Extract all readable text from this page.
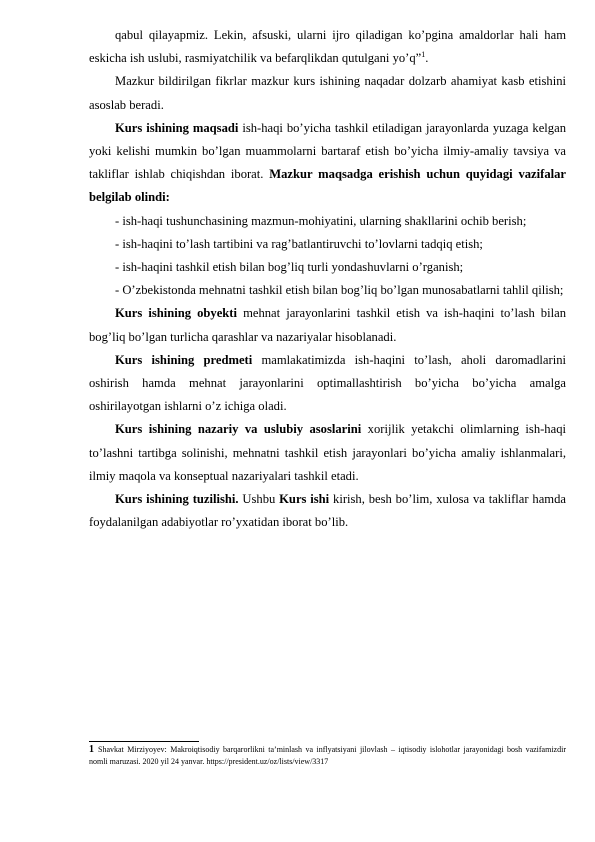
qabul qilayapmiz. Lekin, afsuski, ularni ijro qiladigan ko’pgina amaldorlar hali ham eskicha ish uslubi, rasmiyatchilik va befarqlikdan qutulgani yo’q”$^1$.

Mazkur bildirilgan fikrlar mazkur kurs ishining naqadar dolzarb ahamiyat kasb etishini asoslab beradi.

Kurs ishining maqsadi ish-haqi bo’yicha tashkil etiladigan jarayonlarda yuzaga kelgan yoki kelishi mumkin bo’lgan muammolarni bartaraf etish bo’yicha ilmiy-amaliy tavsiya va takliflar ishlab chiqishdan iborat. Mazkur maqsadga erishish uchun quyidagi vazifalar belgilab olindi:

- ish-haqi tushunchasining mazmun-mohiyatini, ularning shakllarini ochib berish;

- ish-haqini to’lash tartibini va rag’batlantiruvchi to’lovlarni tadqiq etish;

- ish-haqini tashkil etish bilan bog’liq turli yondashuvlarni o’rganish;

- O’zbekistonda mehnatni tashkil etish bilan bog’liq bo’lgan munosabatlarni tahlil qilish;

Kurs ishining obyekti mehnat jarayonlarini tashkil etish va ish-haqini to’lash bilan bog’liq bo’lgan turlicha qarashlar va nazariyalar hisoblanadi.

Kurs ishining predmeti mamlakatimizda ish-haqini to’lash, aholi daromadlarini oshirish hamda mehnat jarayonlarini optimallashtirish bo’yicha bo’yicha amalga oshirilayotgan ishlarni o’z ichiga oladi.

Kurs ishining nazariy va uslubiy asoslarini xorijlik yetakchi olimlarning ish-haqi to’lashni tartibga solinishi, mehnatni tashkil etish jarayonlari bo’yicha amaliy ishlanmalari, ilmiy maqola va konseptual nazariyalari tashkil etadi.

Kurs ishining tuzilishi. Ushbu Kurs ishi kirish, besh bo’lim, xulosa va takliflar hamda foydalanilgan adabiyotlar ro’yxatidan iborat bo’lib.

1 Shavkat Mirziyoyev: Makroiqtisodiy barqarorlikni ta’minlash va inflyatsiyani jilovlash – iqtisodiy islohotlar jarayonidagi bosh vazifamizdir nomli maruzasi. 2020 yil 24 yanvar. https://president.uz/oz/lists/view/3317
